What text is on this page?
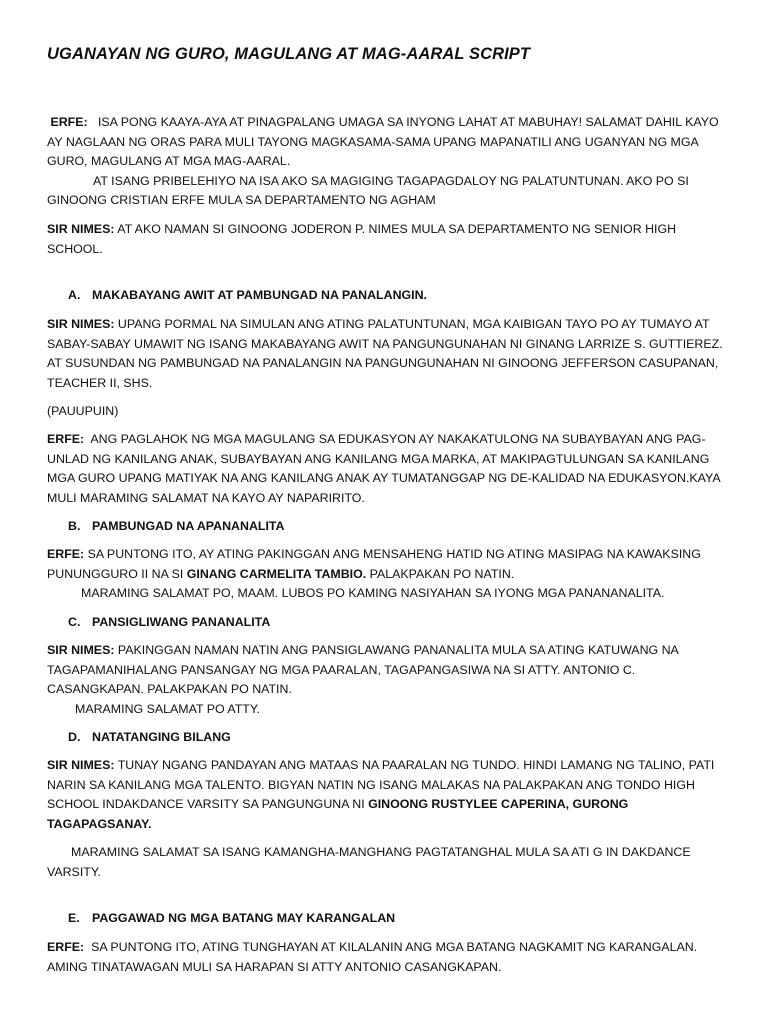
UGANAYAN NG GURO, MAGULANG AT MAG-AARAL SCRIPT

ERFE: ISA PONG KAAYA-AYA AT PINAGPALANG UMAGA SA INYONG LAHAT AT MABUHAY! SALAMAT DAHIL KAYO AY NAGLAAN NG ORAS PARA MULI TAYONG MAGKASAMA-SAMA UPANG MAPANATILI ANG UGANYAN NG MGA GURO, MAGULANG AT MGA MAG-AARAL.
AT ISANG PRIBELEHIYO NA ISA AKO SA MAGIGING TAGAPAGDALOY NG PALATUNTUNAN. AKO PO SI GINOONG CRISTIAN ERFE MULA SA DEPARTAMENTO NG AGHAM

SIR NIMES: AT AKO NAMAN SI GINOONG JODERON P. NIMES MULA SA DEPARTAMENTO NG SENIOR HIGH SCHOOL.

A. MAKABAYANG AWIT AT PAMBUNGAD NA PANALANGIN.

SIR NIMES: UPANG PORMAL NA SIMULAN ANG ATING PALATUNTUNAN, MGA KAIBIGAN TAYO PO AY TUMAYO AT SABAY-SABAY UMAWIT NG ISANG MAKABAYANG AWIT NA PANGUNGUNAHAN NI GINANG LARRIZE S. GUTTIEREZ. AT SUSUNDAN NG PAMBUNGAD NA PANALANGIN NA PANGUNGUNAHAN NI GINOONG JEFFERSON CASUPANAN, TEACHER II, SHS.

(PAUUPUIN)

ERFE: ANG PAGLAHOK NG MGA MAGULANG SA EDUKASYON AY NAKAKATULONG NA SUBAYBAYAN ANG PAG-UNLAD NG KANILANG ANAK, SUBAYBAYAN ANG KANILANG MGA MARKA, AT MAKIPAGTULUNGAN SA KANILANG MGA GURO UPANG MATIYAK NA ANG KANILANG ANAK AY TUMATANGGAP NG DE-KALIDAD NA EDUKASYON.KAYA MULI MARAMING SALAMAT NA KAYO AY NAPARIRITO.

B. PAMBUNGAD NA APANANALITA

ERFE: SA PUNTONG ITO, AY ATING PAKINGGAN ANG MENSAHENG HATID NG ATING MASIPAG NA KAWAKSING PUNUNGGURO II NA SI GINANG CARMELITA TAMBIO. PALAKPAKAN PO NATIN.
MARAMING SALAMAT PO, MAAM. LUBOS PO KAMING NASIYAHAN SA IYONG MGA PANANANALITA.

C. PANSIGLIWANG PANANALITA

SIR NIMES: PAKINGGAN NAMAN NATIN ANG PANSIGLAWANG PANANALITA MULA SA ATING KATUWANG NA TAGAPAMANIHALANG PANSANGAY NG MGA PAARALAN, TAGAPANGASIWA NA SI ATTY. ANTONIO C. CASANGKAPAN. PALAKPAKAN PO NATIN.
MARAMING SALAMAT PO ATTY.

D. NATATANGING BILANG

SIR NIMES: TUNAY NGANG PANDAYAN ANG MATAAS NA PAARALAN NG TUNDO. HINDI LAMANG NG TALINO, PATI NARIN SA KANILANG MGA TALENTO. BIGYAN NATIN NG ISANG MALAKAS NA PALAKPAKAN ANG TONDO HIGH SCHOOL INDAKDANCE VARSITY SA PANGUNGUNA NI GINOONG RUSTYLEE CAPERINA, GURONG TAGAPAGSANAY.

MARAMING SALAMAT SA ISANG KAMANGHA-MANGHANG PAGTATANGHAL MULA SA ATI G IN DAKDANCE VARSITY.

E. PAGGAWAD NG MGA BATANG MAY KARANGALAN

ERFE: SA PUNTONG ITO, ATING TUNGHAYAN AT KILALANIN ANG MGA BATANG NAGKAMIT NG KARANGALAN. AMING TINATAWAGAN MULI SA HARAPAN SI ATTY ANTONIO CASANGKAPAN.
